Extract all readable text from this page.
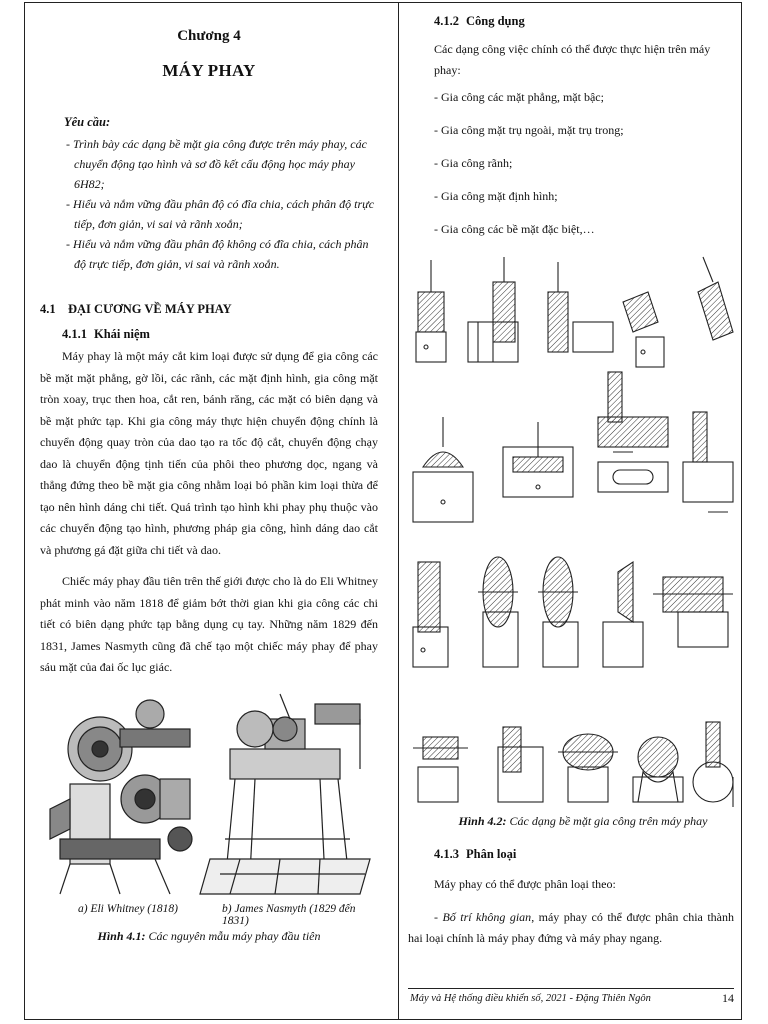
Chương 4
MÁY PHAY
Yêu cầu:

- Trình bày các dạng bề mặt gia công được trên máy phay, các chuyển động tạo hình và sơ đồ kết cấu động học máy phay 6H82;

- Hiểu và nắm vững đầu phân độ có đĩa chia, cách phân độ trực tiếp, đơn giản, vi sai và rãnh xoắn;

- Hiểu và nắm vững đầu phân độ không có đĩa chia, cách phân độ trực tiếp, đơn giản, vi sai và rãnh xoắn.

4.1 ĐẠI CƯƠNG VỀ MÁY PHAY
4.1.1 Khái niệm

Máy phay là một máy cắt kim loại được sử dụng để gia công các bề mặt mặt phẳng, gờ lồi, các rãnh, các mặt định hình, gia công mặt tròn xoay, trục then hoa, cắt ren, bánh răng, các mặt có biên dạng và bề mặt phức tạp. Khi gia công máy thực hiện chuyển động chính là chuyển động quay tròn của dao tạo ra tốc độ cắt, chuyển động chạy dao là chuyển động tịnh tiến của phôi theo phương dọc, ngang và thẳng đứng theo bề mặt gia công nhằm loại bỏ phần kim loại thừa để tạo nên hình dáng chi tiết. Quá trình tạo hình khi phay phụ thuộc vào các chuyển động tạo hình, phương pháp gia công, hình dáng dao cắt và phương gá đặt giữa chi tiết và dao.

Chiếc máy phay đầu tiên trên thế giới được cho là do Eli Whitney phát minh vào năm 1818 để giảm bớt thời gian khi gia công các chi tiết có biên dạng phức tạp bằng dụng cụ tay. Những năm 1829 đến 1831, James Nasmyth cũng đã chế tạo một chiếc máy phay để phay sáu mặt của đai ốc lục giác.

a) Eli Whitney (1818)	b) James Nasmyth (1829 đến 1831)
Hình 4.1: Các nguyên mẫu máy phay đầu tiên
4.1.2 Công dụng

Các dạng công việc chính có thể được thực hiện trên máy phay:

- Gia công các mặt phẳng, mặt bậc;

- Gia công mặt trụ ngoài, mặt trụ trong;

- Gia công rãnh;

- Gia công mặt định hình;

- Gia công các bề mặt đặc biệt,…

Hình 4.2: Các dạng bề mặt gia công trên máy phay
4.1.3 Phân loại

Máy phay có thể được phân loại theo:

- Bố trí không gian, máy phay có thể được phân chia thành hai loại chính là máy phay đứng và máy phay ngang.

Máy và Hệ thống điều khiển số, 2021 - Đặng Thiên Ngôn	14
